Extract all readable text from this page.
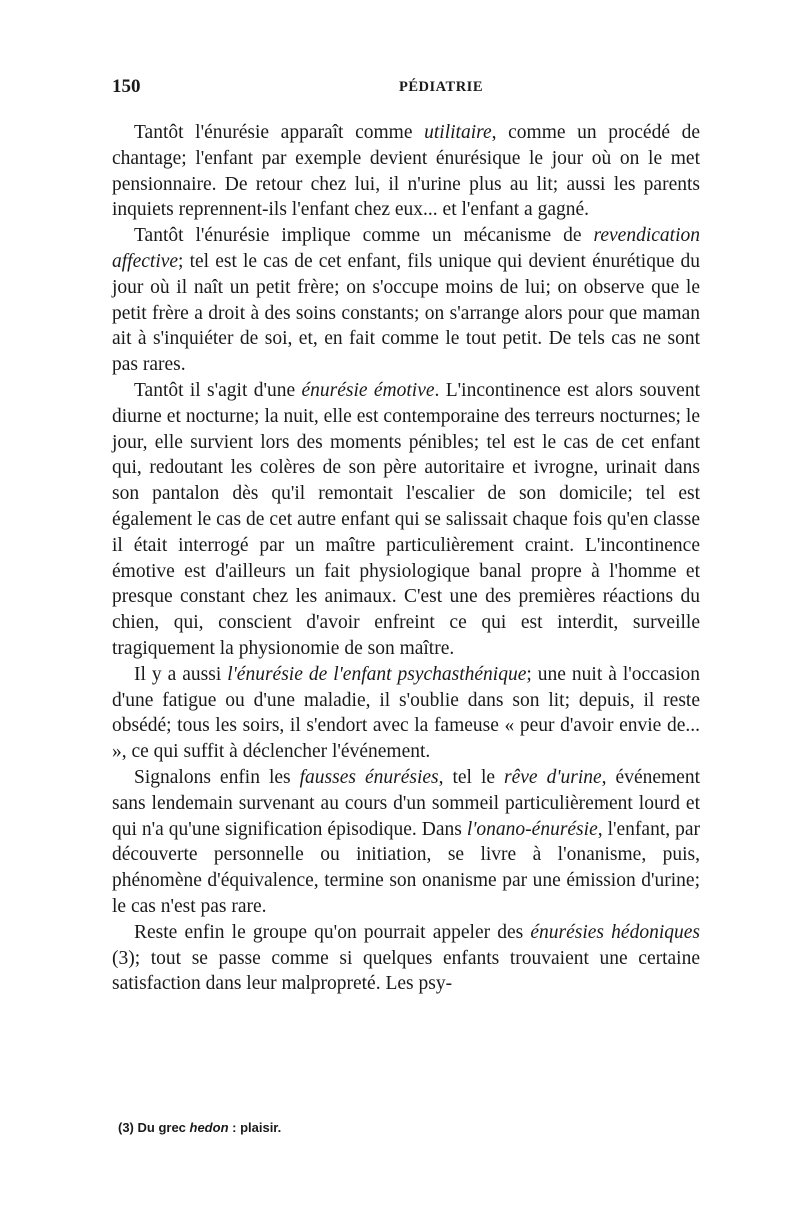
150	PÉDIATRIE

Tantôt l'énurésie apparaît comme utilitaire, comme un procédé de chantage; l'enfant par exemple devient énurésique le jour où on le met pensionnaire. De retour chez lui, il n'urine plus au lit; aussi les parents inquiets reprennent-ils l'enfant chez eux... et l'enfant a gagné.

Tantôt l'énurésie implique comme un mécanisme de revendication affective; tel est le cas de cet enfant, fils unique qui devient énurétique du jour où il naît un petit frère; on s'occupe moins de lui; on observe que le petit frère a droit à des soins constants; on s'arrange alors pour que maman ait à s'inquiéter de soi, et, en fait comme le tout petit. De tels cas ne sont pas rares.

Tantôt il s'agit d'une énurésie émotive. L'incontinence est alors souvent diurne et nocturne; la nuit, elle est contemporaine des terreurs nocturnes; le jour, elle survient lors des moments pénibles; tel est le cas de cet enfant qui, redoutant les colères de son père autoritaire et ivrogne, urinait dans son pantalon dès qu'il remontait l'escalier de son domicile; tel est également le cas de cet autre enfant qui se salissait chaque fois qu'en classe il était interrogé par un maître particulièrement craint. L'incontinence émotive est d'ailleurs un fait physiologique banal propre à l'homme et presque constant chez les animaux. C'est une des premières réactions du chien, qui, conscient d'avoir enfreint ce qui est interdit, surveille tragiquement la physionomie de son maître.

Il y a aussi l'énurésie de l'enfant psychasthénique; une nuit à l'occasion d'une fatigue ou d'une maladie, il s'oublie dans son lit; depuis, il reste obsédé; tous les soirs, il s'endort avec la fameuse « peur d'avoir envie de... », ce qui suffit à déclencher l'événement.

Signalons enfin les fausses énurésies, tel le rêve d'urine, événement sans lendemain survenant au cours d'un sommeil particulièrement lourd et qui n'a qu'une signification épisodique. Dans l'onano-énurésie, l'enfant, par découverte personnelle ou initiation, se livre à l'onanisme, puis, phénomène d'équivalence, termine son onanisme par une émission d'urine; le cas n'est pas rare.

Reste enfin le groupe qu'on pourrait appeler des énurésies hédoniques (3); tout se passe comme si quelques enfants trouvaient une certaine satisfaction dans leur malpropreté. Les psy-

(3) Du grec hedon : plaisir.
